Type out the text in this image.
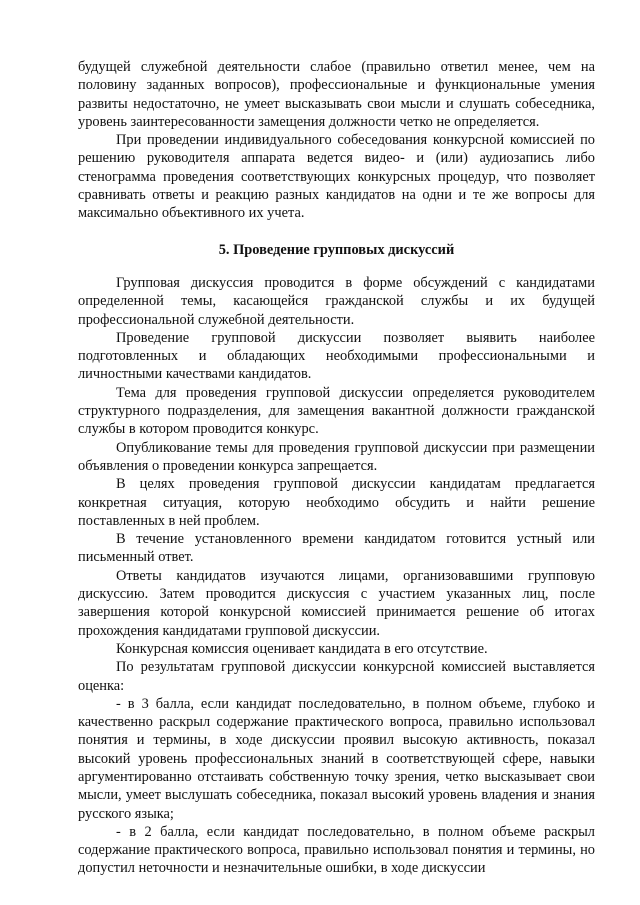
будущей служебной деятельности слабое (правильно ответил менее, чем на половину заданных вопросов), профессиональные и функциональные умения развиты недостаточно, не умеет высказывать свои мысли и слушать собеседника, уровень заинтересованности замещения должности четко не определяется.

При проведении индивидуального собеседования конкурсной комиссией по решению руководителя аппарата ведется видео- и (или) аудиозапись либо стенограмма проведения соответствующих конкурсных процедур, что позволяет сравнивать ответы и реакцию разных кандидатов на одни и те же вопросы для максимально объективного их учета.

5. Проведение групповых дискуссий

Групповая дискуссия проводится в форме обсуждений с кандидатами определенной темы, касающейся гражданской службы и их будущей профессиональной служебной деятельности.

Проведение групповой дискуссии позволяет выявить наиболее подготовленных и обладающих необходимыми профессиональными и личностными качествами кандидатов.

Тема для проведения групповой дискуссии определяется руководителем структурного подразделения, для замещения вакантной должности гражданской службы в котором проводится конкурс.

Опубликование темы для проведения групповой дискуссии при размещении объявления о проведении конкурса запрещается.

В целях проведения групповой дискуссии кандидатам предлагается конкретная ситуация, которую необходимо обсудить и найти решение поставленных в ней проблем.

В течение установленного времени кандидатом готовится устный или письменный ответ.

Ответы кандидатов изучаются лицами, организовавшими групповую дискуссию. Затем проводится дискуссия с участием указанных лиц, после завершения которой конкурсной комиссией принимается решение об итогах прохождения кандидатами групповой дискуссии.

Конкурсная комиссия оценивает кандидата в его отсутствие.

По результатам групповой дискуссии конкурсной комиссией выставляется оценка:

- в 3 балла, если кандидат последовательно, в полном объеме, глубоко и качественно раскрыл содержание практического вопроса, правильно использовал понятия и термины, в ходе дискуссии проявил высокую активность, показал высокий уровень профессиональных знаний в соответствующей сфере, навыки аргументированно отстаивать собственную точку зрения, четко высказывает свои мысли, умеет выслушать собеседника, показал высокий уровень владения и знания русского языка;

- в 2 балла, если кандидат последовательно, в полном объеме раскрыл содержание практического вопроса, правильно использовал понятия и термины, но допустил неточности и незначительные ошибки, в ходе дискуссии
